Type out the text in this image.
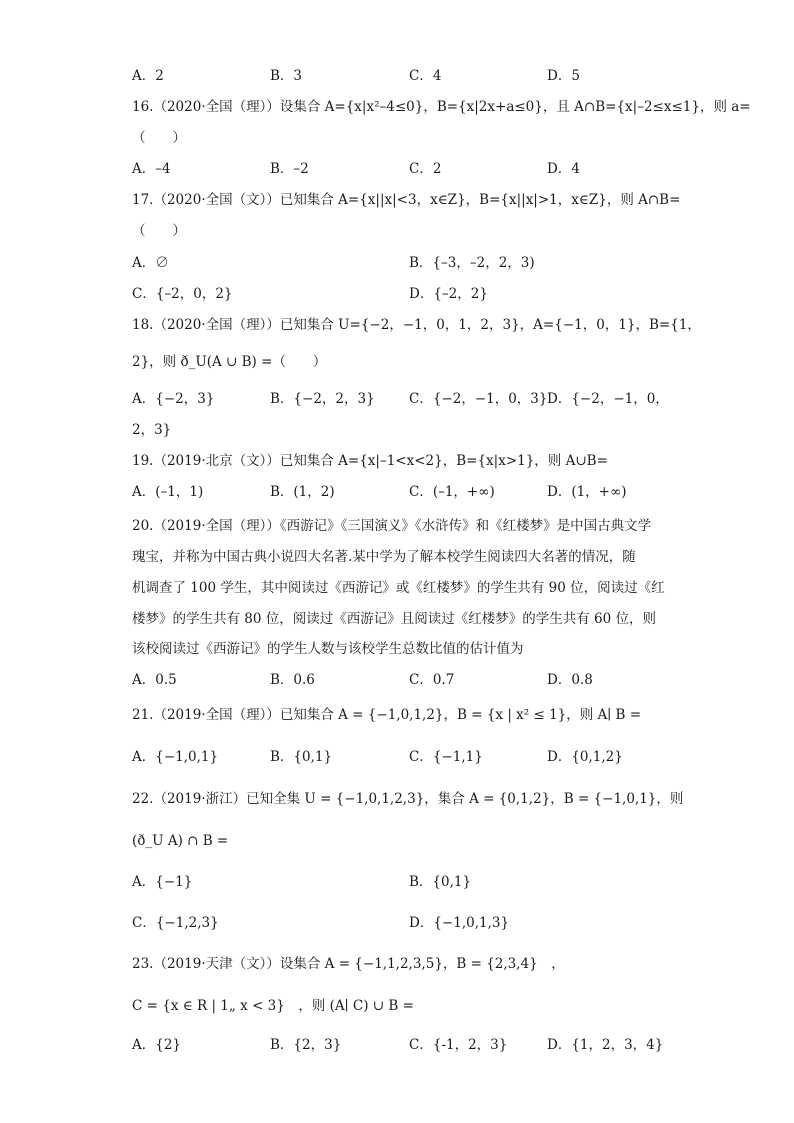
A．2	B．3	C．4	D．5
16.（2020·全国（理））设集合 A={x|x²–4≤0}，B={x|2x+a≤0}，且 A∩B={x|–2≤x≤1}，则 a=
（　　）
A．–4	B．–2	C．2	D．4
17.（2020·全国（文））已知集合 A={x||x|<3，x∈Z}，B={x||x|>1，x∈Z}，则 A∩B=
（　　）
A．∅	B．{–3，–2，2，3)
C．{–2，0，2}	D．{–2，2}
18.（2020·全国（理））已知集合 U={−2，−1，0，1，2，3}，A={−1，0，1}，B={1，
2}，则 ð_U(A ∪ B) =（　　）
A．{−2，3}	B．{−2，2，3}	C．{−2，−1，0，3} D．{−2，−1，0，
2，3}
19.（2019·北京（文））已知集合 A={x|–1<x<2}，B={x|x>1}，则 A∪B=
A．(–1，1)	B．(1，2)	C．(–1，+∞)	D．(1，+∞)
20.（2019·全国（理））《西游记》《三国演义》《水浒传》和《红楼梦》是中国古典文学
瑰宝，并称为中国古典小说四大名著.某中学为了解本校学生阅读四大名著的情况，随
机调查了 100 学生，其中阅读过《西游记》或《红楼梦》的学生共有 90 位，阅读过《红
楼梦》的学生共有 80 位，阅读过《西游记》且阅读过《红楼梦》的学生共有 60 位，则
该校阅读过《西游记》的学生人数与该校学生总数比值的估计值为
A．0.5	B．0.6	C．0.7	D．0.8
21.（2019·全国（理））已知集合 A = {−1,0,1,2}，B = {x | x² ≤ 1}，则 A∣ B =
A．{−1,0,1}	B．{0,1}	C．{−1,1}	D．{0,1,2}
22.（2019·浙江）已知全集 U = {−1,0,1,2,3}，集合 A = {0,1,2}，B = {−1,0,1}，则
(ð_U A) ∩ B =
A．{−1}	B．{0,1}
C．{−1,2,3}	D．{−1,0,1,3}
23.（2019·天津（文））设集合 A = {−1,1,2,3,5}，B = {2,3,4}　，
C = {x ∈ R | 1„ x < 3}　，则 (A∣ C) ∪ B =
A．{2}	B．{2，3}	C．{-1，2，3}	D．{1，2，3，4}
